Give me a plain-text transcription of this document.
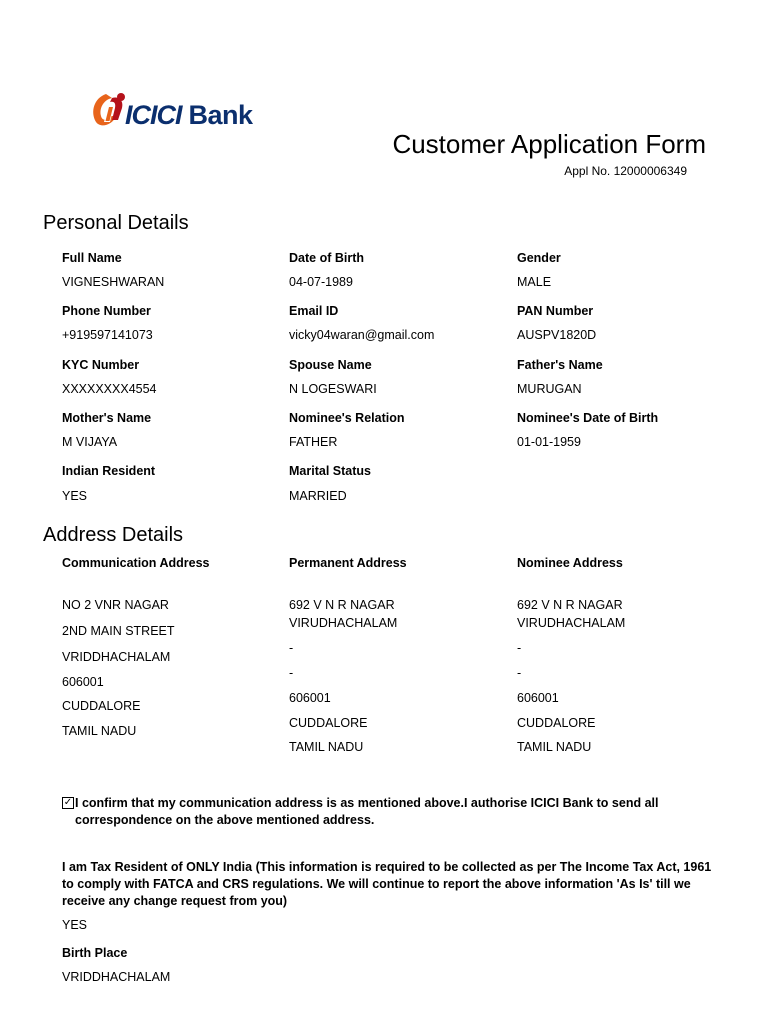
ICICI Bank
Customer Application Form
Appl No. 12000006349
Personal Details
Full Name
VIGNESHWARAN
Date of Birth
04-07-1989
Gender
MALE
Phone Number
+919597141073
Email ID
vicky04waran@gmail.com
PAN Number
AUSPV1820D
KYC Number
XXXXXXXX4554
Spouse Name
N LOGESWARI
Father's Name
MURUGAN
Mother's Name
M VIJAYA
Nominee's Relation
FATHER
Nominee's Date of Birth
01-01-1959
Indian Resident
YES
Marital Status
MARRIED
Address Details
Communication Address	Permanent Address	Nominee Address
NO 2 VNR NAGAR
2ND MAIN STREET
VRIDDHACHALAM
606001
CUDDALORE
TAMIL NADU
692 V N R NAGAR
VIRUDHACHALAM
-
-
606001
CUDDALORE
TAMIL NADU
692 V N R NAGAR
VIRUDHACHALAM
-
-
606001
CUDDALORE
TAMIL NADU
✓ I confirm that my communication address is as mentioned above.I authorise ICICI Bank to send all correspondence on the above mentioned address.
I am Tax Resident of ONLY India (This information is required to be collected as per The Income Tax Act, 1961 to comply with FATCA and CRS regulations. We will continue to report the above information 'As Is' till we receive any change request from you)
YES
Birth Place
VRIDDHACHALAM
